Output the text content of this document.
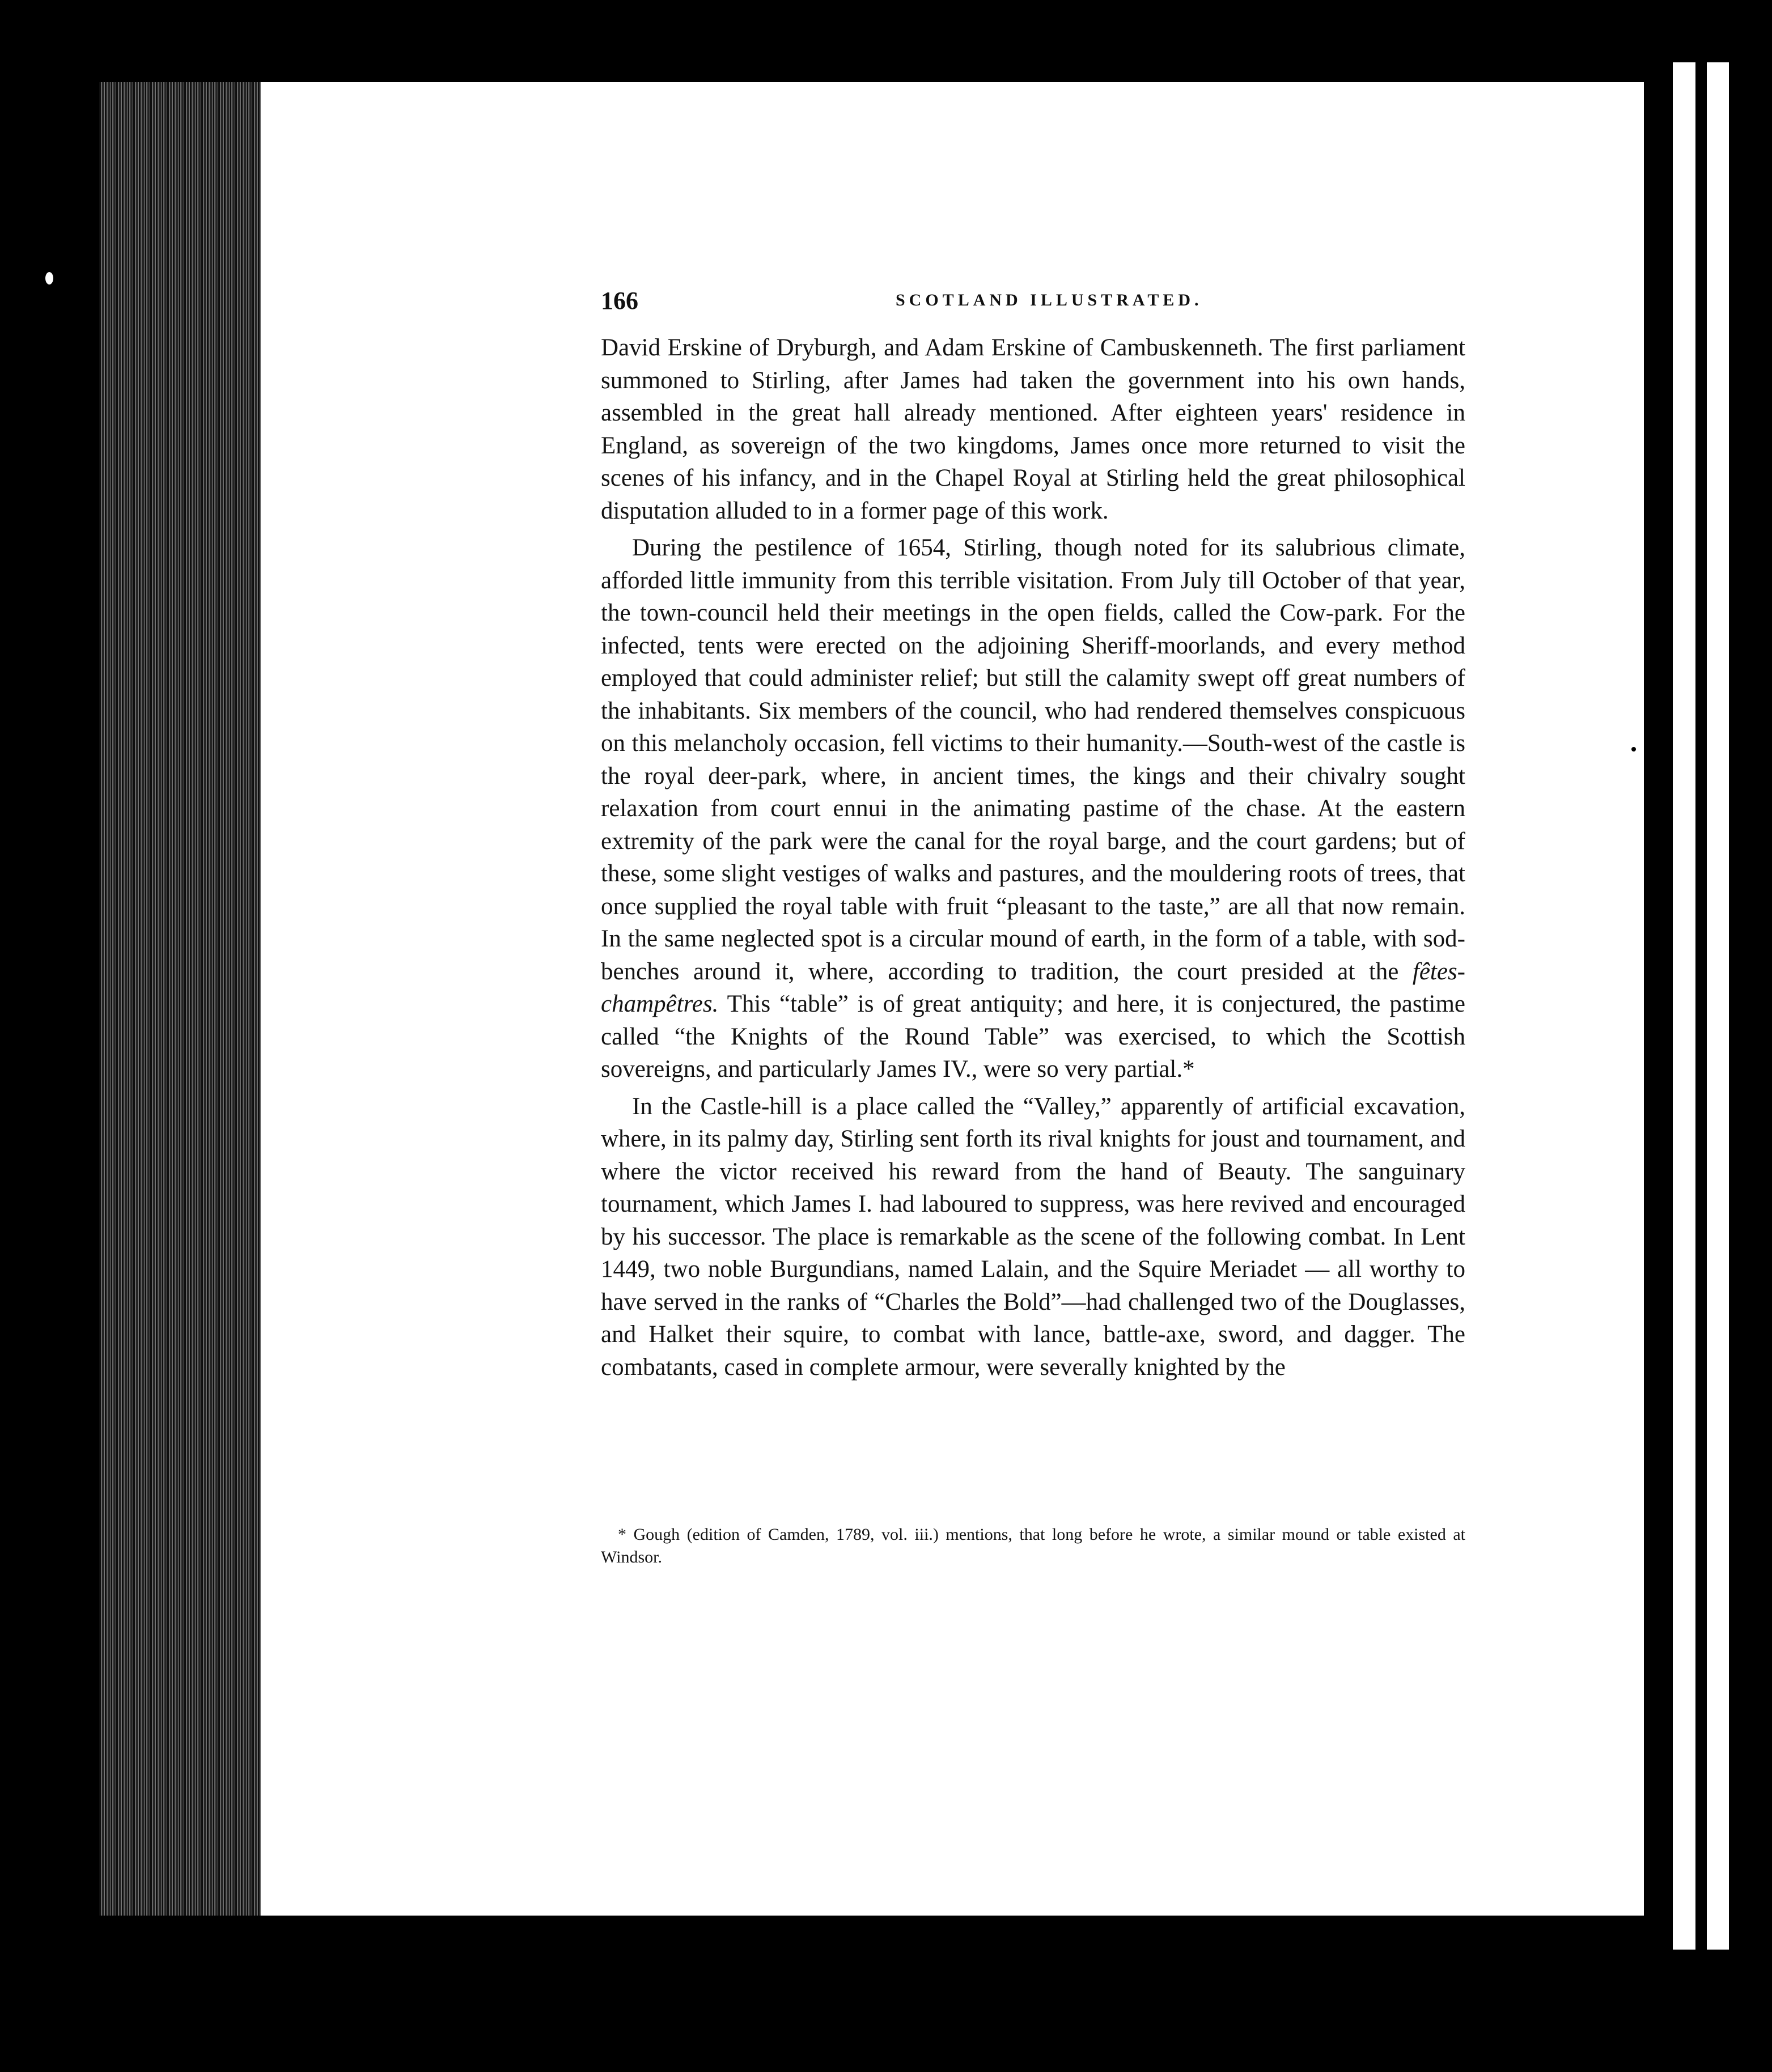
166	SCOTLAND ILLUSTRATED.

David Erskine of Dryburgh, and Adam Erskine of Cambuskenneth. The first parliament summoned to Stirling, after James had taken the government into his own hands, assembled in the great hall already mentioned. After eighteen years' residence in England, as sovereign of the two kingdoms, James once more returned to visit the scenes of his infancy, and in the Chapel Royal at Stirling held the great philosophical disputation alluded to in a former page of this work.

During the pestilence of 1654, Stirling, though noted for its salubrious climate, afforded little immunity from this terrible visitation. From July till October of that year, the town-council held their meetings in the open fields, called the Cow-park. For the infected, tents were erected on the adjoining Sheriff-moorlands, and every method employed that could administer relief; but still the calamity swept off great numbers of the inhabitants. Six members of the council, who had rendered themselves conspicuous on this melancholy occasion, fell victims to their humanity.—South-west of the castle is the royal deer-park, where, in ancient times, the kings and their chivalry sought relaxation from court ennui in the animating pastime of the chase. At the eastern extremity of the park were the canal for the royal barge, and the court gardens; but of these, some slight vestiges of walks and pastures, and the mouldering roots of trees, that once supplied the royal table with fruit “pleasant to the taste,” are all that now remain. In the same neglected spot is a circular mound of earth, in the form of a table, with sod-benches around it, where, according to tradition, the court presided at the fêtes-champêtres. This “table” is of great antiquity; and here, it is conjectured, the pastime called “the Knights of the Round Table” was exercised, to which the Scottish sovereigns, and particularly James IV., were so very partial.*

In the Castle-hill is a place called the “Valley,” apparently of artificial excavation, where, in its palmy day, Stirling sent forth its rival knights for joust and tournament, and where the victor received his reward from the hand of Beauty. The sanguinary tournament, which James I. had laboured to suppress, was here revived and encouraged by his successor. The place is remarkable as the scene of the following combat. In Lent 1449, two noble Burgundians, named Lalain, and the Squire Meriadet — all worthy to have served in the ranks of “Charles the Bold”—had challenged two of the Douglasses, and Halket their squire, to combat with lance, battle-axe, sword, and dagger. The combatants, cased in complete armour, were severally knighted by the

* Gough (edition of Camden, 1789, vol. iii.) mentions, that long before he wrote, a similar mound or table existed at Windsor.
